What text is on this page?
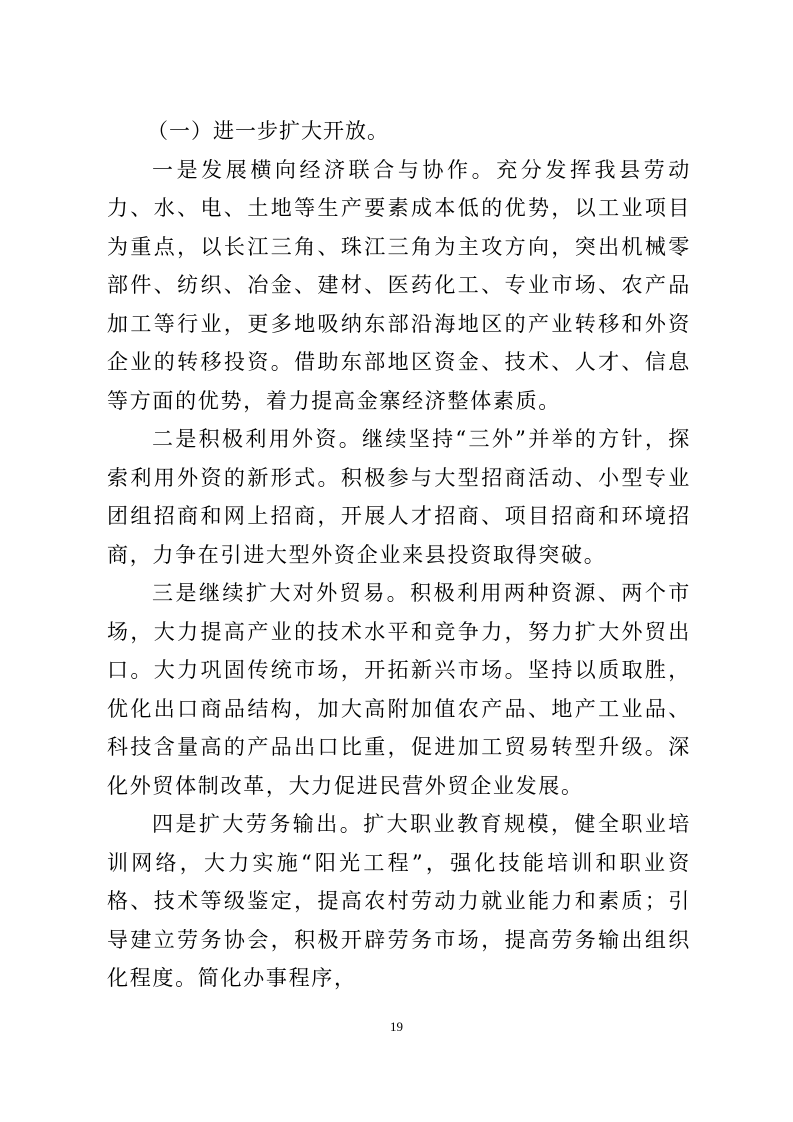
（一）进一步扩大开放。

一是发展横向经济联合与协作。充分发挥我县劳动力、水、电、土地等生产要素成本低的优势，以工业项目为重点，以长江三角、珠江三角为主攻方向，突出机械零部件、纺织、冶金、建材、医药化工、专业市场、农产品加工等行业，更多地吸纳东部沿海地区的产业转移和外资企业的转移投资。借助东部地区资金、技术、人才、信息等方面的优势，着力提高金寨经济整体素质。

二是积极利用外资。继续坚持“三外”并举的方针，探索利用外资的新形式。积极参与大型招商活动、小型专业团组招商和网上招商，开展人才招商、项目招商和环境招商，力争在引进大型外资企业来县投资取得突破。

三是继续扩大对外贸易。积极利用两种资源、两个市场，大力提高产业的技术水平和竞争力，努力扩大外贸出口。大力巩固传统市场，开拓新兴市场。坚持以质取胜，优化出口商品结构，加大高附加值农产品、地产工业品、科技含量高的产品出口比重，促进加工贸易转型升级。深化外贸体制改革，大力促进民营外贸企业发展。

四是扩大劳务输出。扩大职业教育规模，健全职业培训网络，大力实施“阳光工程”，强化技能培训和职业资格、技术等级鉴定，提高农村劳动力就业能力和素质；引导建立劳务协会，积极开辟劳务市场，提高劳务输出组织化程度。简化办事程序，

19
